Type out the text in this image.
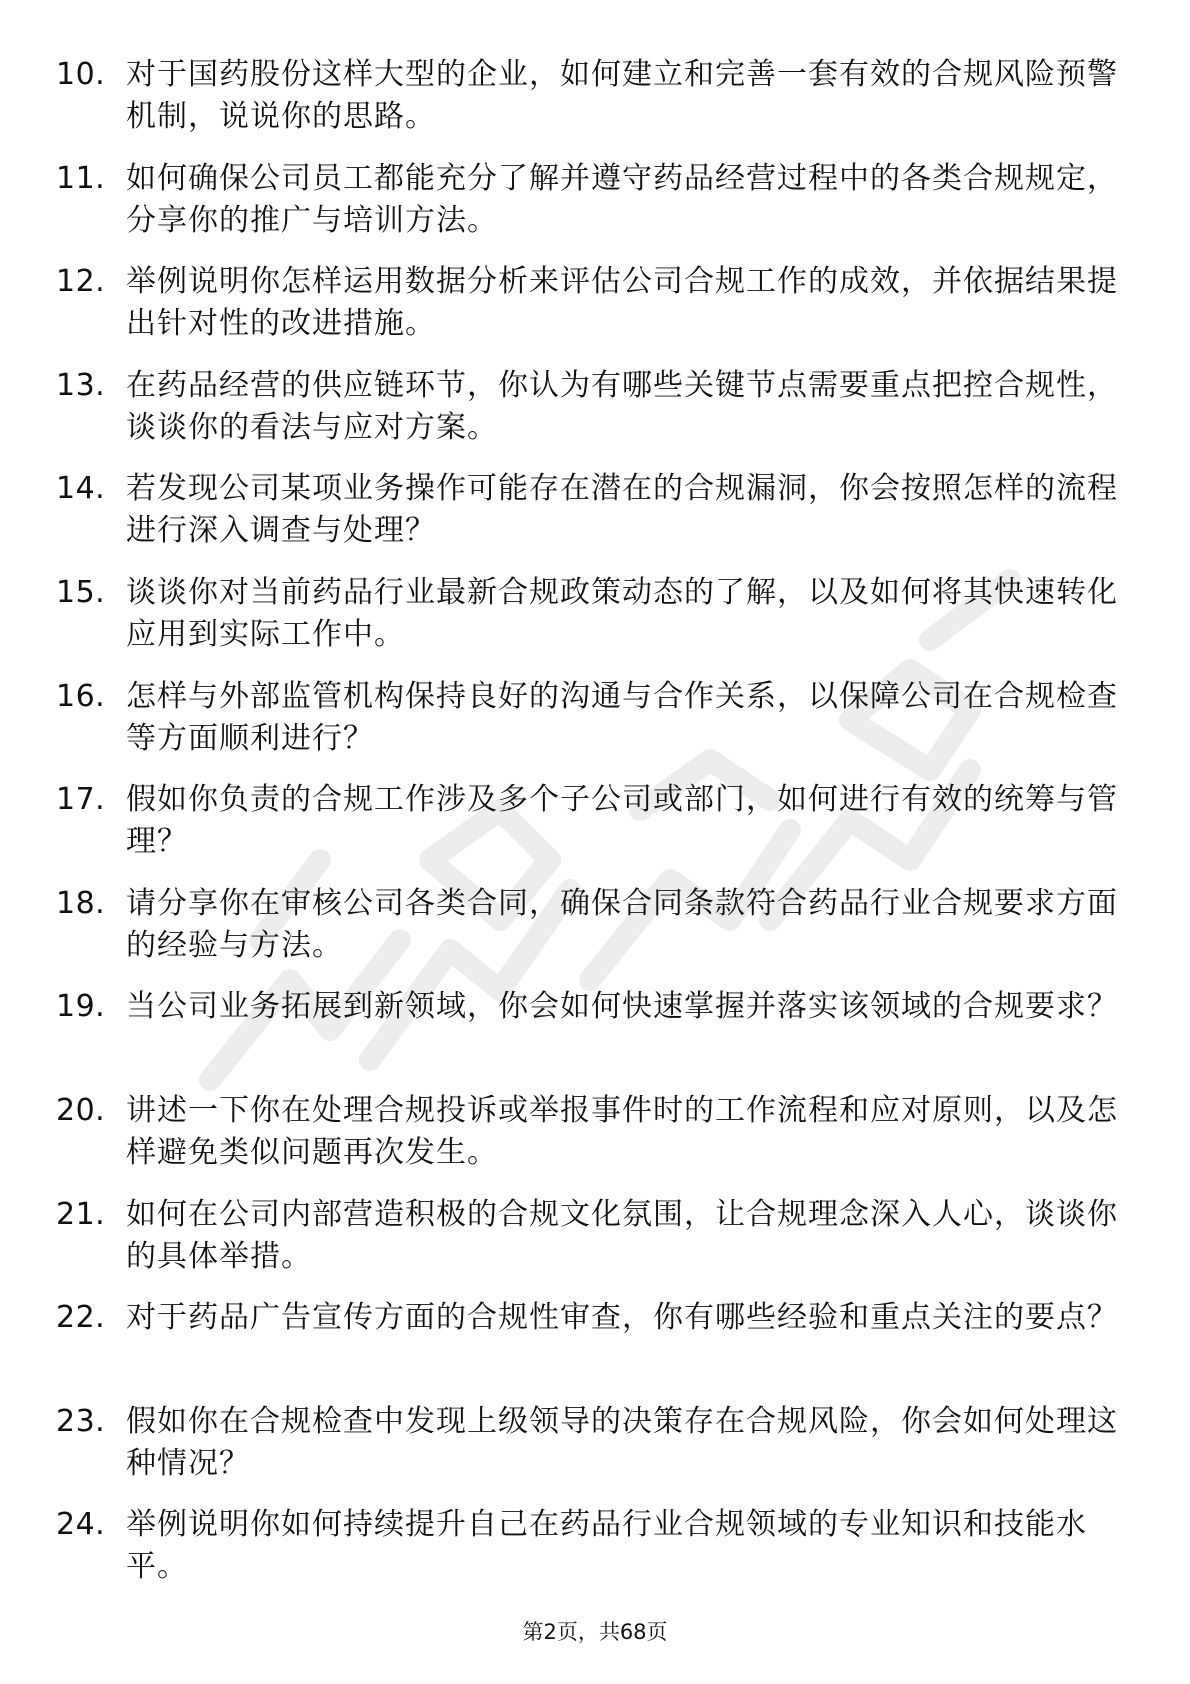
10. 对于国药股份这样大型的企业，如何建立和完善一套有效的合规风险预警机制，说说你的思路。
11. 如何确保公司员工都能充分了解并遵守药品经营过程中的各类合规规定，分享你的推广与培训方法。
12. 举例说明你怎样运用数据分析来评估公司合规工作的成效，并依据结果提出针对性的改进措施。
13. 在药品经营的供应链环节，你认为有哪些关键节点需要重点把控合规性，谈谈你的看法与应对方案。
14. 若发现公司某项业务操作可能存在潜在的合规漏洞，你会按照怎样的流程进行深入调查与处理？
15. 谈谈你对当前药品行业最新合规政策动态的了解，以及如何将其快速转化应用到实际工作中。
16. 怎样与外部监管机构保持良好的沟通与合作关系，以保障公司在合规检查等方面顺利进行？
17. 假如你负责的合规工作涉及多个子公司或部门，如何进行有效的统筹与管理？
18. 请分享你在审核公司各类合同，确保合同条款符合药品行业合规要求方面的经验与方法。
19. 当公司业务拓展到新领域，你会如何快速掌握并落实该领域的合规要求？
20. 讲述一下你在处理合规投诉或举报事件时的工作流程和应对原则，以及怎样避免类似问题再次发生。
21. 如何在公司内部营造积极的合规文化氛围，让合规理念深入人心，谈谈你的具体举措。
22. 对于药品广告宣传方面的合规性审查，你有哪些经验和重点关注的要点？
23. 假如你在合规检查中发现上级领导的决策存在合规风险，你会如何处理这种情况？
24. 举例说明你如何持续提升自己在药品行业合规领域的专业知识和技能水平。
第2页，共68页
